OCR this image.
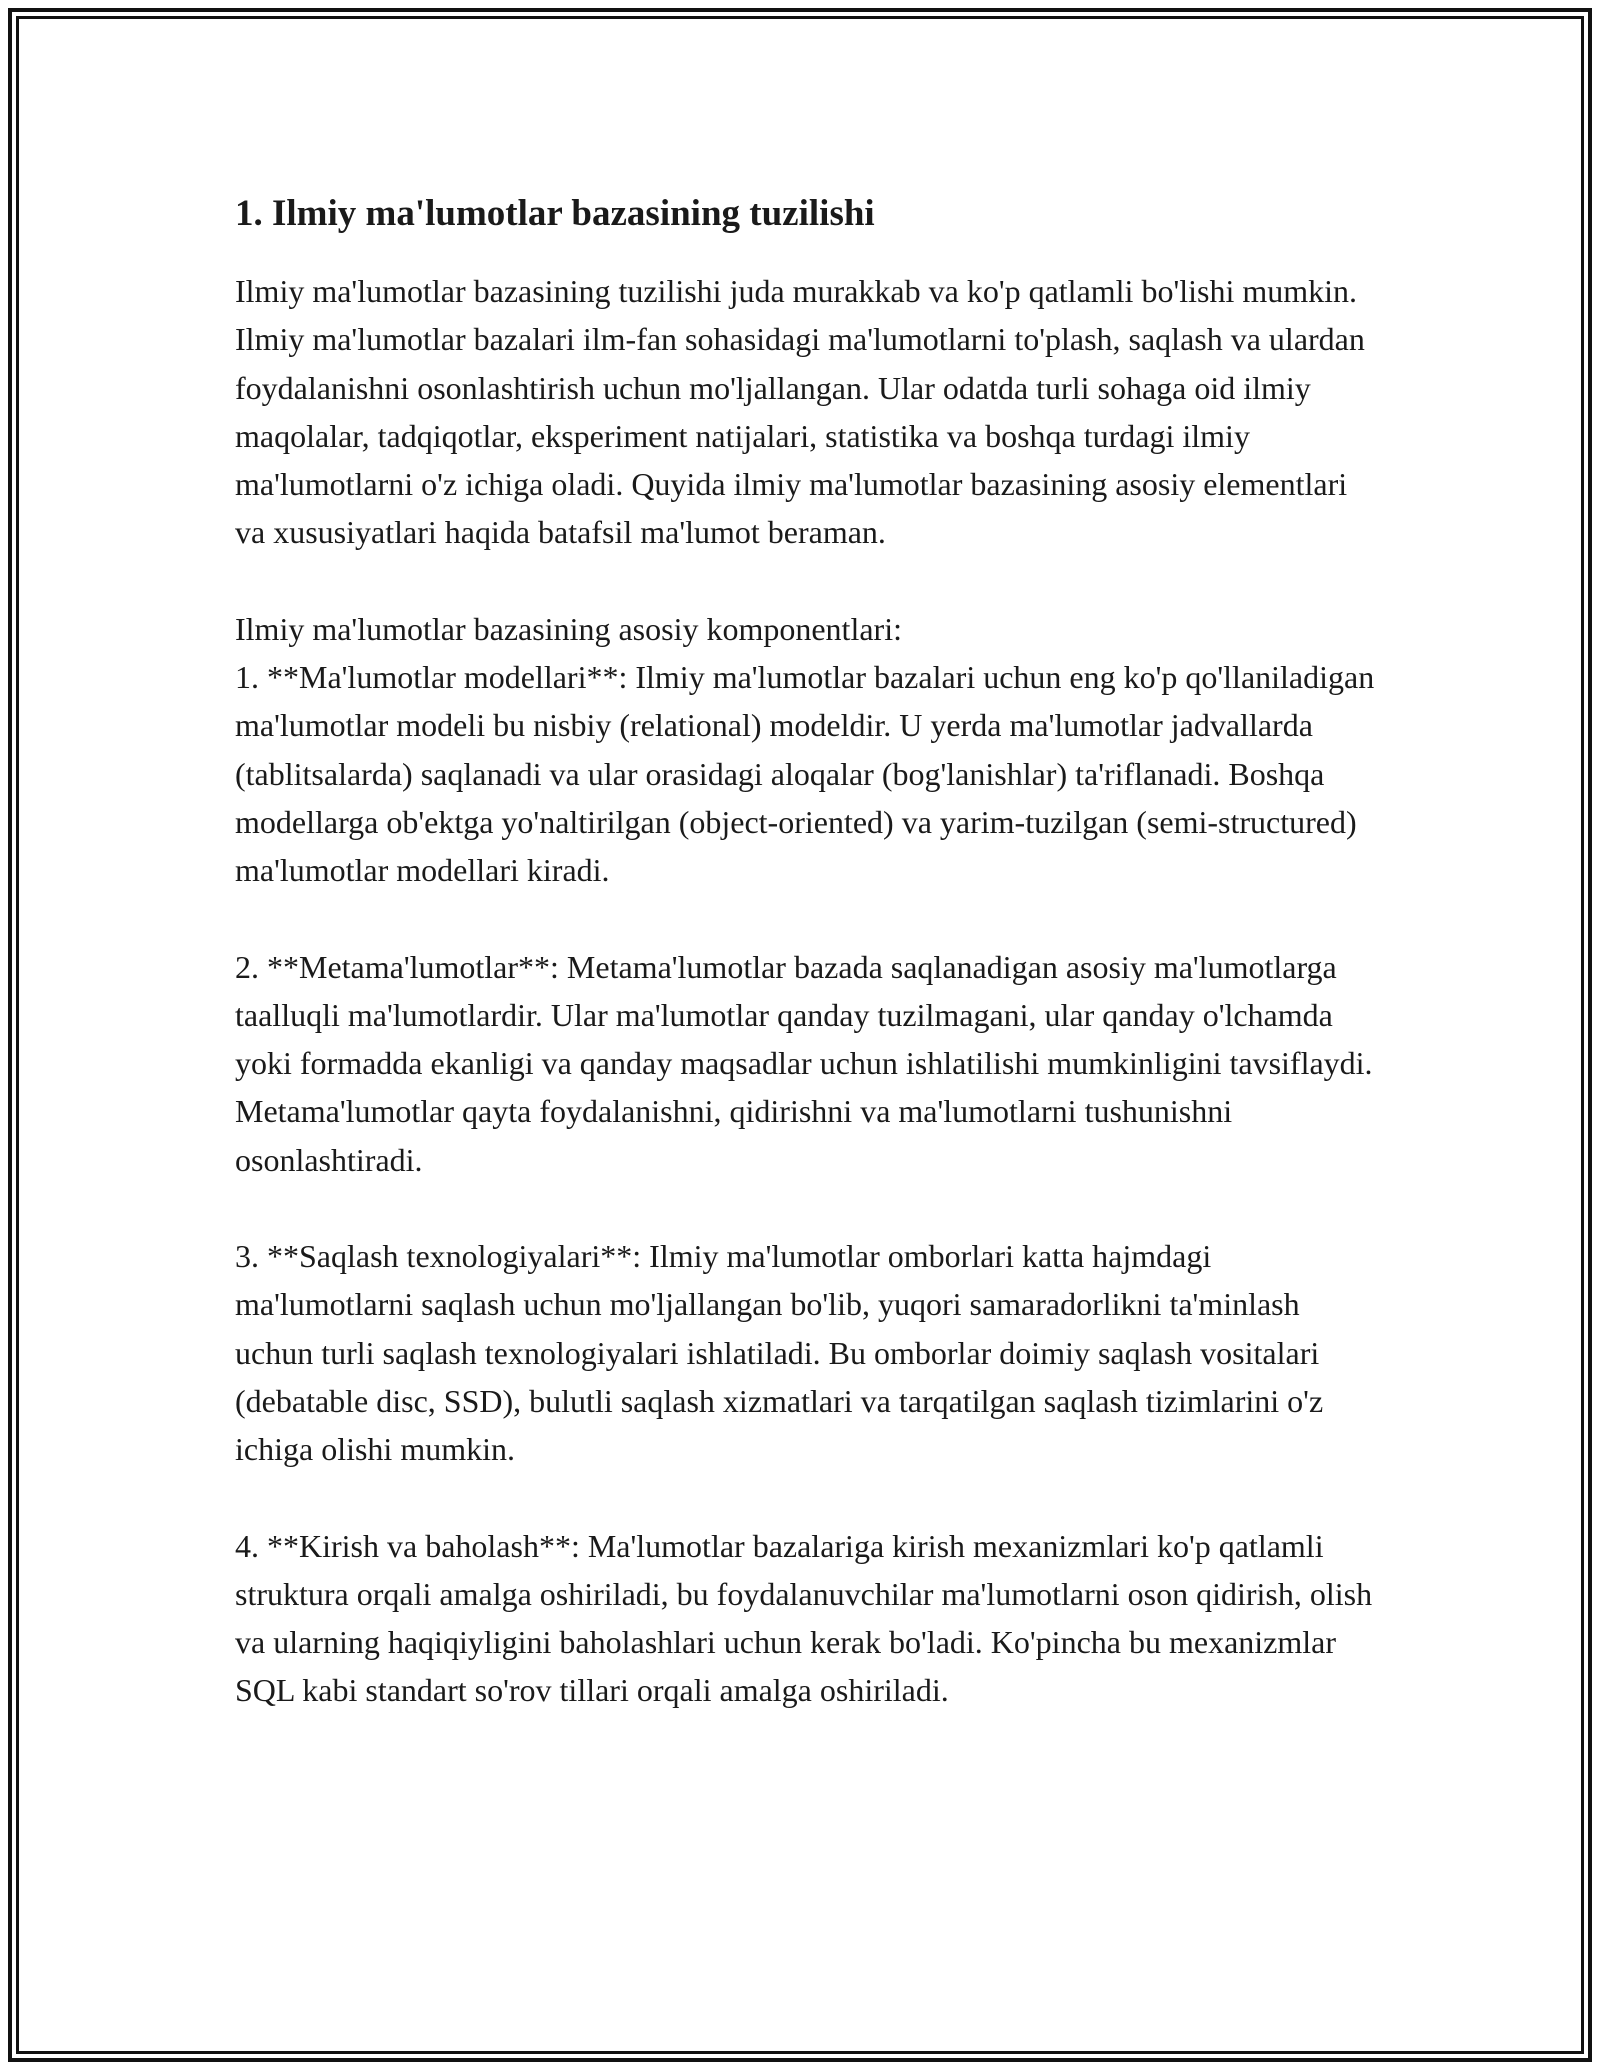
1. Ilmiy ma'lumotlar bazasining tuzilishi

Ilmiy ma'lumotlar bazasining tuzilishi juda murakkab va ko'p qatlamli bo'lishi mumkin. Ilmiy ma'lumotlar bazalari ilm-fan sohasidagi ma'lumotlarni to'plash, saqlash va ulardan foydalanishni osonlashtirish uchun mo'ljallangan. Ular odatda turli sohaga oid ilmiy maqolalar, tadqiqotlar, eksperiment natijalari, statistika va boshqa turdagi ilmiy ma'lumotlarni o'z ichiga oladi. Quyida ilmiy ma'lumotlar bazasining asosiy elementlari va xususiyatlari haqida batafsil ma'lumot beraman.

Ilmiy ma'lumotlar bazasining asosiy komponentlari:

1. **Ma'lumotlar modellari**: Ilmiy ma'lumotlar bazalari uchun eng ko'p qo'llaniladigan ma'lumotlar modeli bu nisbiy (relational) modeldir. U yerda ma'lumotlar jadvallarda (tablitsalarda) saqlanadi va ular orasidagi aloqalar (bog'lanishlar) ta'riflanadi. Boshqa modellarga ob'ektga yo'naltirilgan (object-oriented) va yarim-tuzilgan (semi-structured) ma'lumotlar modellari kiradi.

2. **Metama'lumotlar**: Metama'lumotlar bazada saqlanadigan asosiy ma'lumotlarga taalluqli ma'lumotlardir. Ular ma'lumotlar qanday tuzilmagani, ular qanday o'lchamda yoki formadda ekanligi va qanday maqsadlar uchun ishlatilishi mumkinligini tavsiflaydi. Metama'lumotlar qayta foydalanishni, qidirishni va ma'lumotlarni tushunishni osonlashtiradi.

3. **Saqlash texnologiyalari**: Ilmiy ma'lumotlar omborlari katta hajmdagi ma'lumotlarni saqlash uchun mo'ljallangan bo'lib, yuqori samaradorlikni ta'minlash uchun turli saqlash texnologiyalari ishlatiladi. Bu omborlar doimiy saqlash vositalari (debatable disc, SSD), bulutli saqlash xizmatlari va tarqatilgan saqlash tizimlarini o'z ichiga olishi mumkin.

4. **Kirish va baholash**: Ma'lumotlar bazalariga kirish mexanizmlari ko'p qatlamli struktura orqali amalga oshiriladi, bu foydalanuvchilar ma'lumotlarni oson qidirish, olish va ularning haqiqiyligini baholashlari uchun kerak bo'ladi. Ko'pincha bu mexanizmlar SQL kabi standart so'rov tillari orqali amalga oshiriladi.
